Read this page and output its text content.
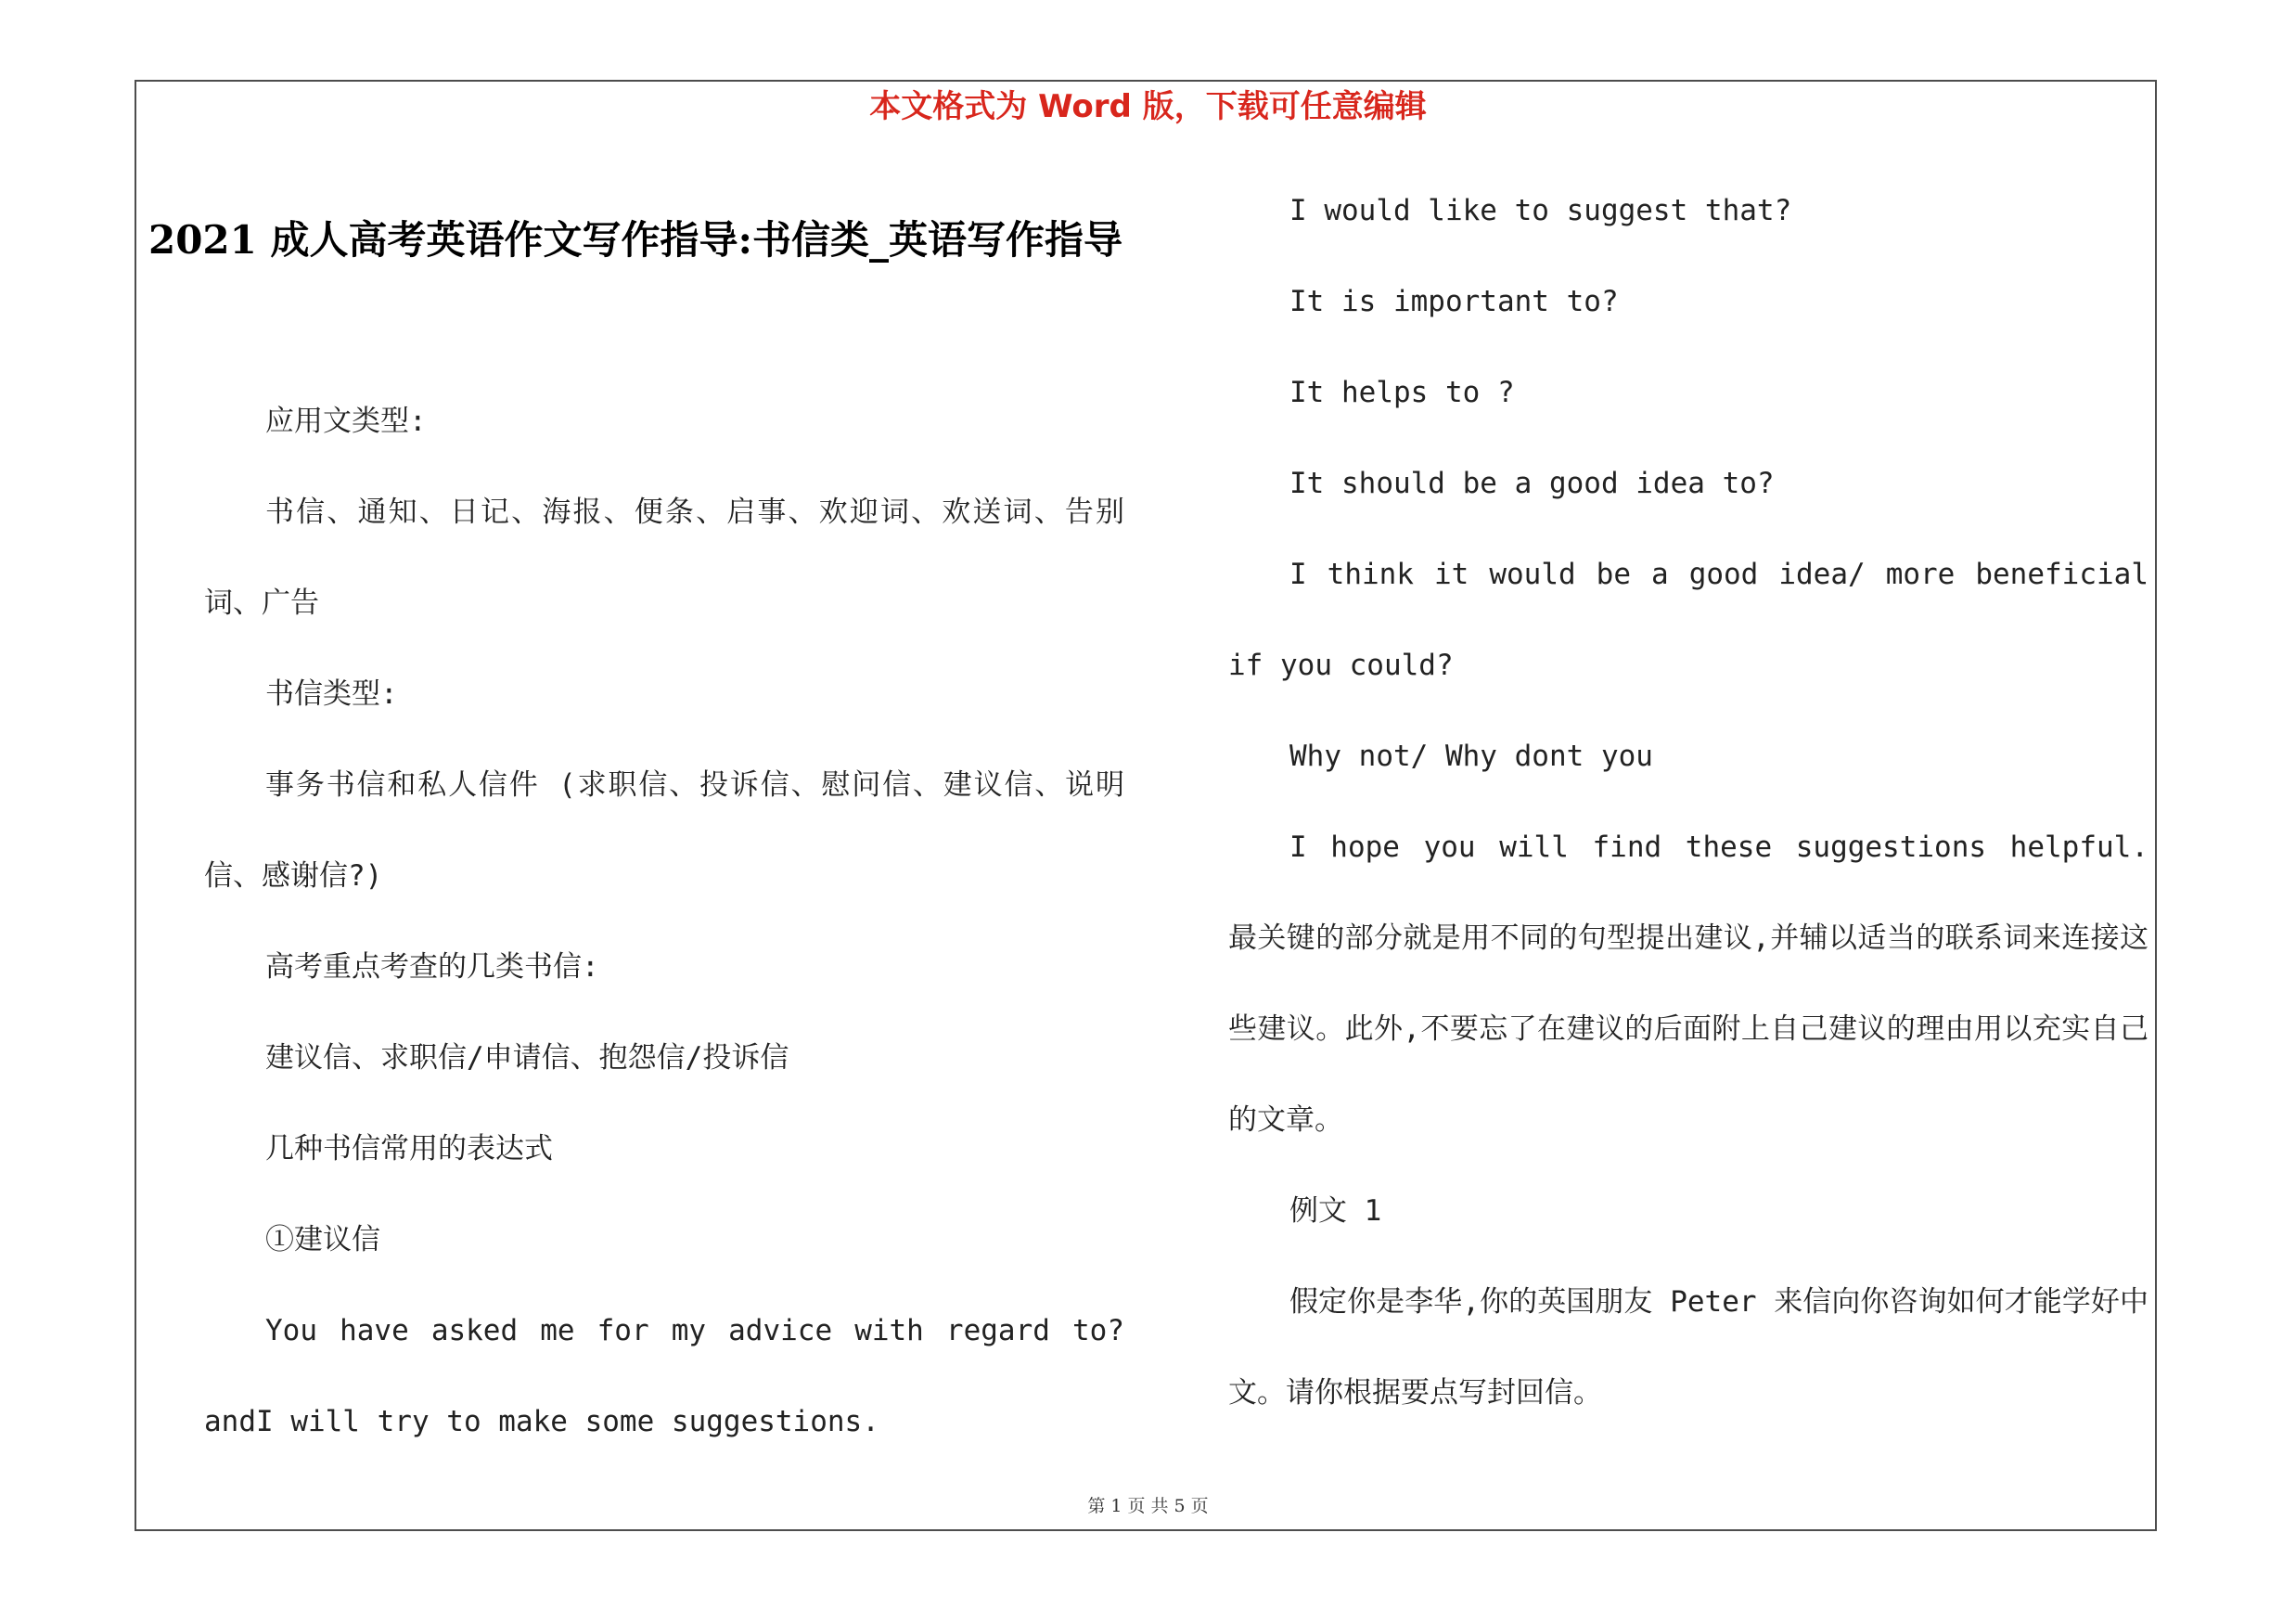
本文格式为 Word 版，下载可任意编辑
2021 成人高考英语作文写作指导:书信类_英语写作指导

应用文类型:

书信、通知、日记、海报、便条、启事、欢迎词、欢送词、告别词、广告

书信类型:

事务书信和私人信件 (求职信、投诉信、慰问信、建议信、说明信、感谢信?)

高考重点考查的几类书信:

建议信、求职信/申请信、抱怨信/投诉信

几种书信常用的表达式

①建议信

You have asked me for my advice with regard to? andI will try to make some suggestions.

I would like to suggest that?

It is important to?

It helps to ?

It should be a good idea to?

I think it would be a good idea/ more beneficial if you could?

Why not/ Why dont you

I hope you will find these suggestions helpful. 最关键的部分就是用不同的句型提出建议,并辅以适当的联系词来连接这些建议。此外,不要忘了在建议的后面附上自己建议的理由用以充实自己的文章。

例文 1

假定你是李华,你的英国朋友 Peter 来信向你咨询如何才能学好中文。请你根据要点写封回信。

第 1 页 共 5 页
